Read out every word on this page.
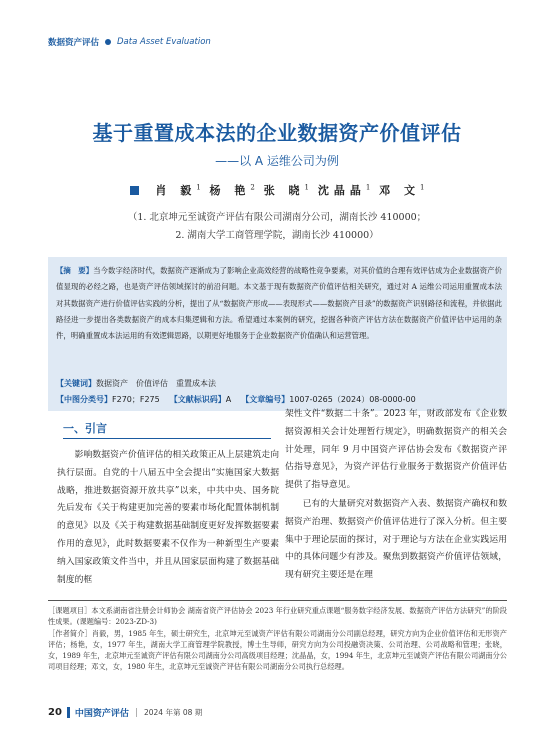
数据资产评估 Data Asset Evaluation
基于重置成本法的企业数据资产价值评估
——以 A 运维公司为例
肖 毅$^1$ 杨 艳$^2$ 张 晓$^1$ 沈晶晶$^1$ 邓 文$^1$
（1. 北京坤元至诚资产评估有限公司湖南分公司，湖南长沙 410000；
2. 湖南大学工商管理学院，湖南长沙 410000）
【摘　要】当今数字经济时代，数据资产逐渐成为了影响企业高效经营的战略性竞争要素，对其价值的合理有效评估成为企业数据资产价值显现的必经之路，也是资产评估领域探讨的前沿问题。本文基于现有数据资产价值评估相关研究，通过对 A 运维公司运用重置成本法对其数据资产进行价值评估实践的分析，提出了从“数据资产形成——表现形式——数据资产目录”的数据资产识别路径和流程，并依据此路径进一步提出各类数据资产的成本归集逻辑和方法。希望通过本案例的研究，挖掘各种资产评估方法在数据资产价值评估中运用的条件，明确重置成本法运用的有效逻辑思路，以期更好地服务于企业数据资产价值确认和运营管理。
【关键词】数据资产　价值评估　重置成本法
【中图分类号】F270；F275 【文献标识码】A 【文章编号】1007-0265（2024）08-0000-00
一、引言
影响数据资产价值评估的相关政策正从上层建筑走向执行层面。自党的十八届五中全会提出“实施国家大数据战略，推进数据资源开放共享”以来，中共中央、国务院先后发布《关于构建更加完善的要素市场化配置体制机制的意见》以及《关于构建数据基础制度更好发挥数据要素作用的意见》，此时数据要素不仅作为一种新型生产要素纳入国家政策文件当中，并且从国家层面构建了数据基础制度的框
架性文件“数据二十条”。2023 年，财政部发布《企业数据资源相关会计处理暂行规定》，明确数据资产的相关会计处理，同年 9 月中国资产评估协会发布《数据资产评估指导意见》，为资产评估行业服务于数据资产价值评估提供了指导意见。
已有的大量研究对数据资产入表、数据资产确权和数据资产治理、数据资产价值评估进行了深入分析。但主要集中于理论层面的探讨，对于理论与方法在企业实践运用中的具体问题少有涉及。聚焦到数据资产价值评估领域，现有研究主要还是在理
［课题项目］本文系湖南省注册会计师协会 湖南省资产评估协会 2023 年行业研究重点课题“服务数字经济发展、数据资产评估方法研究”的阶段性成果。(课题编号：2023-ZD-3)
［作者简介］肖毅，男，1985 年生，硕士研究生，北京坤元至诚资产评估有限公司湖南分公司副总经理，研究方向为企业价值评估和无形资产评估；杨艳，女，1977 年生，湖南大学工商管理学院教授，博士生导师，研究方向为公司投融资决策、公司治理、公司战略和管理；张晓，女，1989 年生，北京坤元至诚资产评估有限公司湖南分公司高级项目经理；沈晶晶，女，1994 年生，北京坤元至诚资产评估有限公司湖南分公司项目经理；邓文，女，1980 年生，北京坤元至诚资产评估有限公司湖南分公司执行总经理。
20 中国资产评估 | 2024 年第 08 期
